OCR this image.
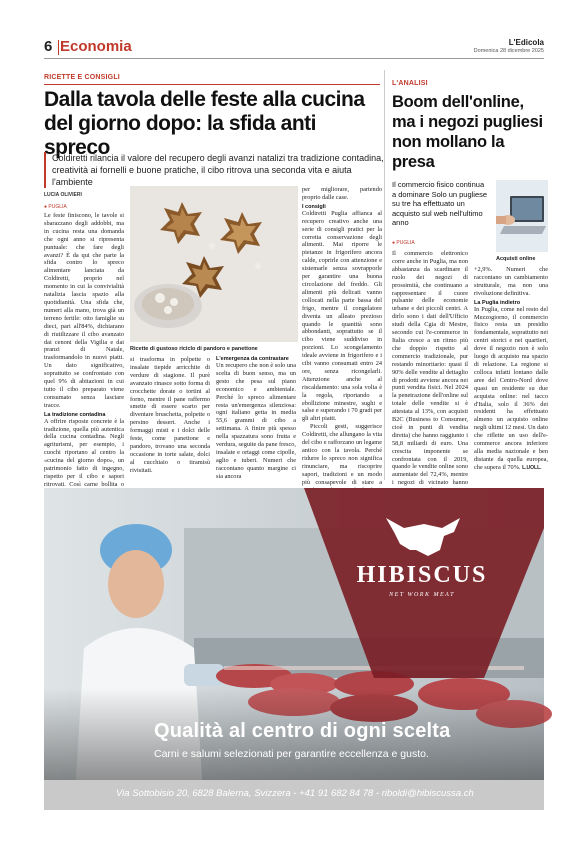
6 Economia	L'Edicola
Domenica 28 dicembre 2025
RICETTE E CONSIGLI
Dalla tavola delle feste alla cucina del giorno dopo: la sfida anti spreco
Coldiretti rilancia il valore del recupero degli avanzi natalizi tra tradizione contadina, creatività ai fornelli e buone pratiche, il cibo ritrova una seconda vita e aiuta l'ambiente
LUCIA OLIVIERI
● PUGLIA
Le feste finiscono, le tavole si sbarazzano degli addobbi, ma in cucina resta una domanda che ogni anno si ripresenta puntuale: che fare degli avanzi? È da qui che parte la sfida contro lo spreco alimentare lanciata da Coldiretti, proprio nel momento in cui la convivialità natalizia lascia spazio alla quotidianità. Una sfida che, numeri alla mano, trova già un terreno fertile: otto famiglie su dieci, pari all'84%, dichiarano di riutilizzare il cibo avanzato dai cenoni della Vigilia e dai pranzi di Natale, trasformandolo in nuovi piatti. Un dato significativo, soprattutto se confrontato con quel 9% di abitazioni in cui tutto il cibo preparato viene consumato senza lasciare tracce.
La tradizione contadina
A offrire risposte concrete è la tradizione, quella più autentica della cucina contadina. Negli agriturismi, per esempio, i cuochi riportano al centro la «cucina del giorno dopo», un patrimonio fatto di ingegno, rispetto per il cibo e sapori ritrovati. Così carne bollita o
Ricette di gustoso riciclo di pandoro e panettone
si trasforma in polpette o insalate tiepide arricchite di verdure di stagione. Il purè avanzato rinasce sotto forma di crocchette dorate o tortini al forno, mentre il pane raffermo smette di essere scarto per diventare bruschetta, polpette o persino dessert. Anche i formaggi misti e i dolci delle feste, come panettone e pandoro, trovano una seconda occasione in torte salate, dolci al cucchiaio o tiramisù rivisitati.
L'emergenza da contrastare
Un recupero che non è solo una scelta di buon senso, ma un gesto che pesa sul piano economico e ambientale. Perché lo spreco alimentare resta un'emergenza silenziosa: ogni italiano getta in media 55,6 grammi di cibo a settimana. A finire più spesso nella spazzatura sono frutta e verdura, seguite da pane fresco, insalate e ortaggi come cipolle, aglio e tuberi. Numeri che raccontano quanto margine ci sia ancora
per migliorare, partendo proprio dalle case.
I consigli
Coldiretti Puglia affianca al recupero creativo anche una serie di consigli pratici per la corretta conservazione degli alimenti. Mai riporre le pietanze in frigorifero ancora calde, coprirle con attenzione e sistemarle senza sovrapporle per garantire una buona circolazione del freddo. Gli alimenti più delicati vanno collocati nella parte bassa del frigo, mentre il congelatore diventa un alleato prezioso quando le quantità sono abbondanti, soprattutto se il cibo viene suddiviso in porzioni. Lo scongelamento ideale avviene in frigorifero e i cibi vanno consumati entro 24 ore, senza ricongelarli. Attenzione anche al riscaldamento: una sola volta è la regola, riportando a ebollizione minestre, sughi e salse e superando i 70 gradi per gli altri piatti.
Piccoli gesti, suggerisce Coldiretti, che allungano la vita del cibo e rafforzano un legame antico con la tavola. Perché ridurre lo spreco non significa rinunciare, ma riscoprire sapori, tradizioni e un modo più consapevole di stare a
L'ANALISI
Boom dell'online, ma i negozi pugliesi non mollano la presa
Il commercio fisico continua a dominare Solo un pugliese su tre ha effettuato un acquisto sul web nell'ultimo anno
Acquisti online
● PUGLIA
Il commercio elettronico corre anche in Puglia, ma non abbastanza da scardinare il ruolo dei negozi di prossimità, che continuano a rappresentare il cuore pulsante delle economie urbane e dei piccoli centri. A dirlo sono i dati dell'Ufficio studi della Cgia di Mestre, secondo cui l'e-commerce in Italia cresce a un ritmo più che doppio rispetto al commercio tradizionale, pur restando minoritario: quasi il 90% delle vendite al dettaglio di prodotti avviene ancora nei punti vendita fisici. Nel 2024 la penetrazione dell'online sul totale delle vendite si è attestata al 13%, con acquisti B2C (Business to Consumer, cioè in punti di vendita diretta) che hanno raggiunto i 58,8 miliardi di euro. Una crescita imponente se confrontata con il 2019, quando le vendite online sono aumentate del 72,4%, mentre i negozi di vicinato hanno
+2,9%. Numeri che raccontano un cambiamento strutturale, ma non una rivoluzione definitiva.
La Puglia indietro
In Puglia, come nel resto del Mezzogiorno, il commercio fisico resta un presidio fondamentale, soprattutto nei centri storici e nei quartieri, dove il negozio non è solo luogo di acquisto ma spazio di relazione. La regione si colloca infatti lontano dalle aree del Centro-Nord dove quasi un residente su due acquista online: nel tacco d'Italia, solo il 36% dei residenti ha effettuato almeno un acquisto online negli ultimi 12 mesi. Un dato che riflette un uso dell'e-commerce ancora inferiore alla media nazionale e ben distante da quella europea, che supera il 70%. L.UOLL.
HIBISCUS
NET WORK MEAT
Qualità al centro di ogni scelta
Carni e salumi selezionati per garantire eccellenza e gusto.
Via Sottobisio 20, 6828 Balerna, Svizzera - +41 91 682 84 78 - riboldi@hibiscussa.ch
